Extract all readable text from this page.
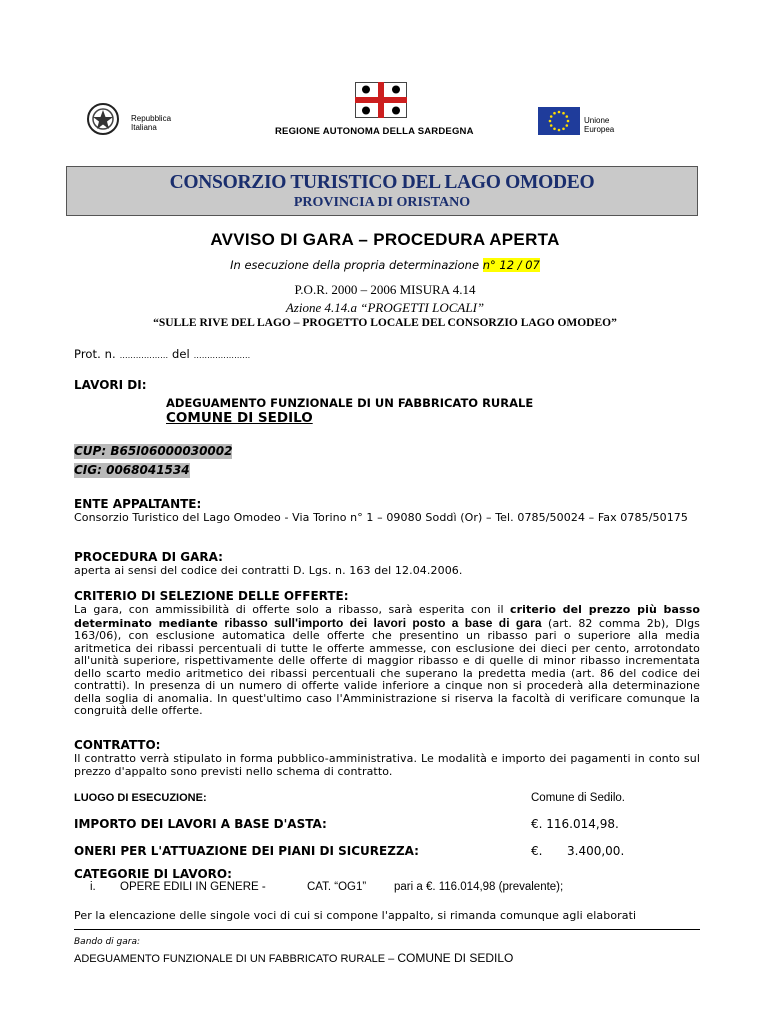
Repubblica
Italiana	REGIONE AUTONOMA DELLA SARDEGNA
Unione
Europea
CONSORZIO TURISTICO DEL LAGO OMODEO
PROVINCIA DI ORISTANO
AVVISO DI GARA – PROCEDURA APERTA
In esecuzione della propria determinazione n° 12 / 07
P.O.R. 2000 – 2006 MISURA 4.14
Azione 4.14.a “PROGETTI LOCALI”
“SULLE RIVE DEL LAGO – PROGETTO LOCALE DEL CONSORZIO LAGO OMODEO”
Prot. n. ……………… del …………………
LAVORI DI:
ADEGUAMENTO FUNZIONALE DI UN FABBRICATO RURALE
COMUNE DI SEDILO
CUP: B65I06000030002
CIG: 0068041534
ENTE APPALTANTE:
Consorzio Turistico del Lago Omodeo - Via Torino n° 1 – 09080 Soddì (Or) – Tel. 0785/50024 – Fax 0785/50175
PROCEDURA DI GARA:
aperta ai sensi del codice dei contratti D. Lgs. n. 163 del 12.04.2006.
CRITERIO DI SELEZIONE DELLE OFFERTE:
La gara, con ammissibilità di offerte solo a ribasso, sarà esperita con il criterio del prezzo più basso determinato mediante ribasso sull'importo dei lavori posto a base di gara (art. 82 comma 2b), Dlgs 163/06), con esclusione automatica delle offerte che presentino un ribasso pari o superiore alla media aritmetica dei ribassi percentuali di tutte le offerte ammesse, con esclusione dei dieci per cento, arrotondato all'unità superiore, rispettivamente delle offerte di maggior ribasso e di quelle di minor ribasso incrementata dello scarto medio aritmetico dei ribassi percentuali che superano la predetta media (art. 86 del codice dei contratti). In presenza di un numero di offerte valide inferiore a cinque non si procederà alla determinazione della soglia di anomalia. In quest'ultimo caso l'Amministrazione si riserva la facoltà di verificare comunque la congruità delle offerte.
CONTRATTO:
Il contratto verrà stipulato in forma pubblico-amministrativa. Le modalità e importo dei pagamenti in conto sul prezzo d'appalto sono previsti nello schema di contratto.
LUOGO DI ESECUZIONE:	Comune di Sedilo.
IMPORTO DEI LAVORI A BASE D'ASTA:	€. 116.014,98.
ONERI PER L'ATTUAZIONE DEI PIANI DI SICUREZZA:	€. 3.400,00.
CATEGORIE DI LAVORO:
i. OPERE EDILI IN GENERE -	CAT. “OG1” pari a €. 116.014,98 (prevalente);
Per la elencazione delle singole voci di cui si compone l'appalto, si rimanda comunque agli elaborati
Bando di gara:
ADEGUAMENTO FUNZIONALE DI UN FABBRICATO RURALE – COMUNE DI SEDILO
